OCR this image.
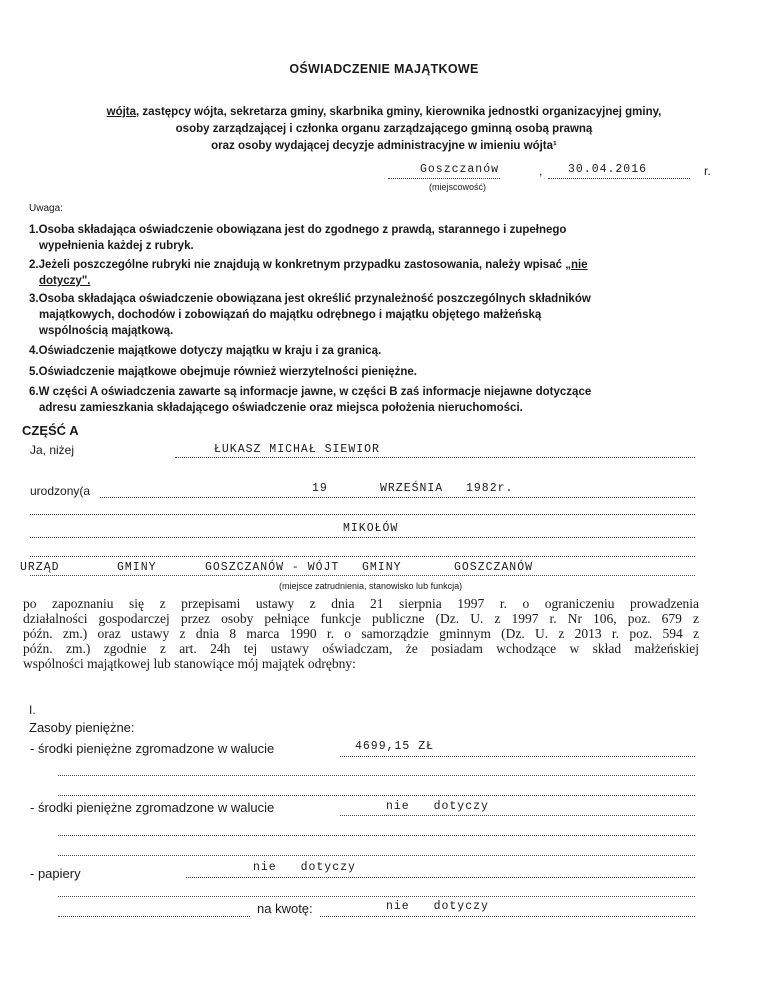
OŚWIADCZENIE MAJĄTKOWE
wójta, zastępcy wójta, sekretarza gminy, skarbnika gminy, kierownika jednostki organizacyjnej gminy,
osoby zarządzającej i członka organu zarządzającego gminną osobą prawną
oraz osoby wydającej decyzje administracyjne w imieniu wójta¹
Goszczanów	, 30.04.2016	r.
(miejscowość)
Uwaga:
1.Osoba składająca oświadczenie obowiązana jest do zgodnego z prawdą, starannego i zupełnego
wypełnienia każdej z rubryk.
2.Jeżeli poszczególne rubryki nie znajdują w konkretnym przypadku zastosowania, należy wpisać „nie
dotyczy".
3.Osoba składająca oświadczenie obowiązana jest określić przynależność poszczególnych składników
majątkowych, dochodów i zobowiązań do majątku odrębnego i majątku objętego małżeńską
wspólnością majątkową.
4.Oświadczenie majątkowe dotyczy majątku w kraju i za granicą.
5.Oświadczenie majątkowe obejmuje również wierzytelności pieniężne.
6.W części A oświadczenia zawarte są informacje jawne, w części B zaś informacje niejawne dotyczące
adresu zamieszkania składającego oświadczenie oraz miejsca położenia nieruchomości.
CZĘŚĆ A
Ja, niżej	ŁUKASZ MICHAŁ SIEWIOR
urodzony(a	19	WRZEŚNIA 1982r.
MIKOŁÓW
URZĄD	GMINY	GOSZCZANÓW - WÓJT GMINY	GOSZCZANÓW
(miejsce zatrudnienia, stanowisko lub funkcja)
po zapoznaniu się z przepisami ustawy z dnia 21 sierpnia 1997 r. o ograniczeniu prowadzenia
działalności gospodarczej przez osoby pełniące funkcje publiczne (Dz. U. z 1997 r. Nr 106, poz. 679 z
późn. zm.) oraz ustawy z dnia 8 marca 1990 r. o samorządzie gminnym (Dz. U. z 2013 r. poz. 594 z
późn. zm.) zgodnie z art. 24h tej ustawy oświadczam, że posiadam wchodzące w skład małżeńskiej
wspólności majątkowej lub stanowiące mój majątek odrębny:
I.
Zasoby pieniężne:
- środki pieniężne zgromadzone w walucie	4699,15 ZŁ
- środki pieniężne zgromadzone w walucie	nie dotyczy
- papiery	nie dotyczy
na kwotę:	nie dotyczy
